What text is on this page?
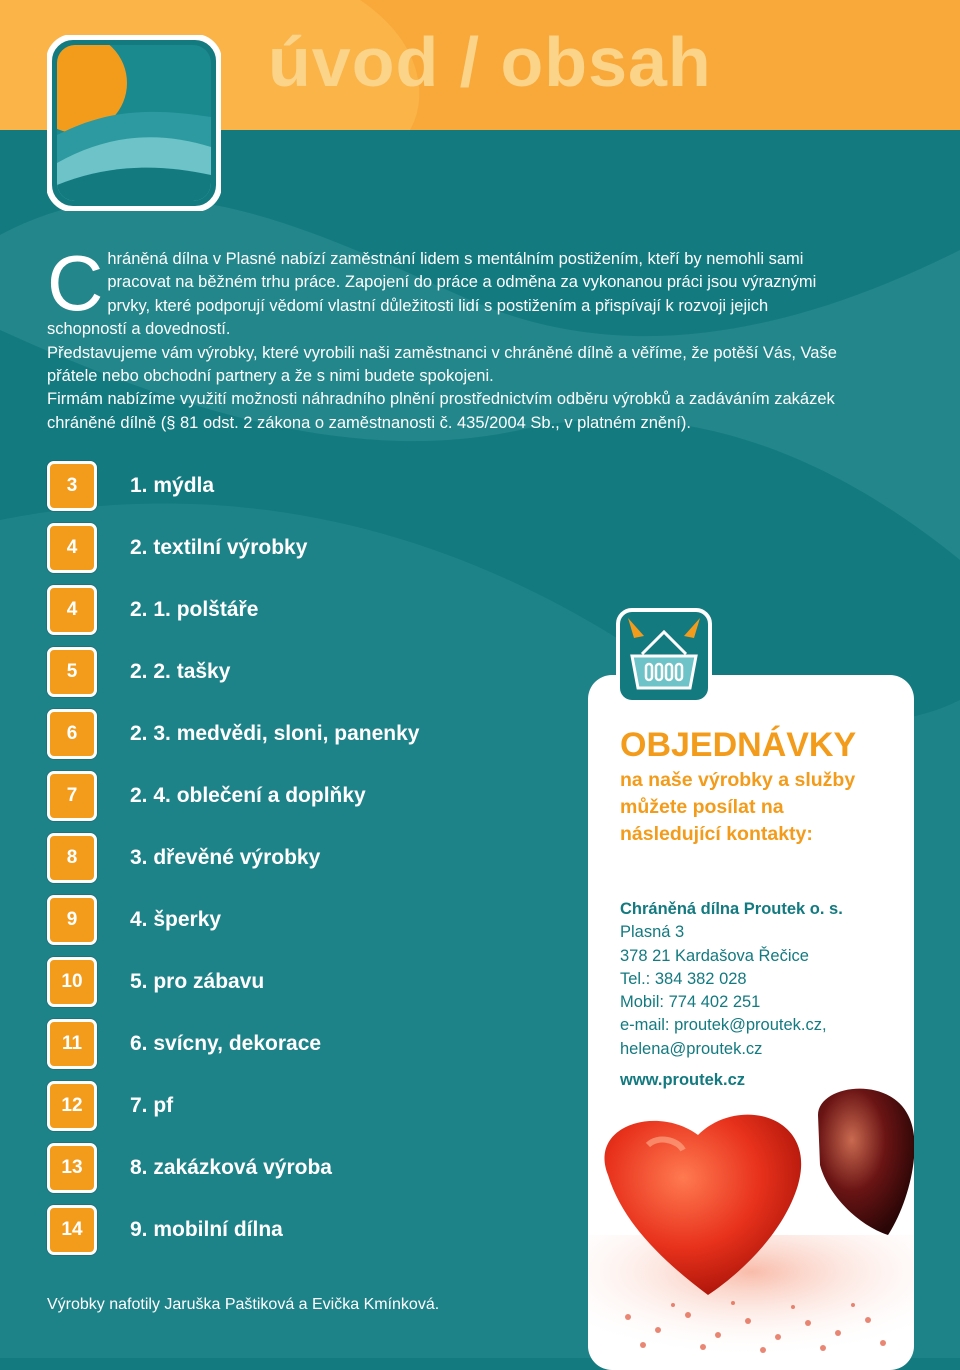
úvod / obsah
C hráněná dílna v Plasné nabízí zaměstnání lidem s mentálním postižením, kteří by nemohli sami pracovat na běžném trhu práce. Zapojení do práce a odměna za vykonanou práci jsou výraznými prvky, které podporují vědomí vlastní důležitosti lidí s postižením a přispívají k rozvoji jejich schopností a dovedností.

Představujeme vám výrobky, které vyrobili naši zaměstnanci v chráněné dílně a věříme, že potěší Vás, Vaše přátele nebo obchodní partnery a že s nimi budete spokojeni.

Firmám nabízíme využití možnosti náhradního plnění prostřednictvím odběru výrobků a zadáváním zakázek chráněné dílně (§ 81 odst. 2 zákona o zaměstnanosti č. 435/2004 Sb., v platném znění).

3	1. mýdla
4	2. textilní výrobky
4	2. 1. polštáře
5	2. 2. tašky
6	2. 3. medvědi, sloni, panenky
7	2. 4. oblečení a doplňky
8	3. dřevěné výrobky
9	4. šperky
10	5. pro zábavu
11	6. svícny, dekorace
12	7. pf
13	8. zakázková výroba
14	9. mobilní dílna
OBJEDNÁVKY
na naše výrobky a služby můžete posílat na následující kontakty:
Chráněná dílna Proutek o. s.
Plasná 3
378 21 Kardašova Řečice
Tel.: 384 382 028
Mobil: 774 402 251
e-mail: proutek@proutek.cz,
helena@proutek.cz
www.proutek.cz
Výrobky nafotily Jaruška Paštiková a Evička Kmínková.
